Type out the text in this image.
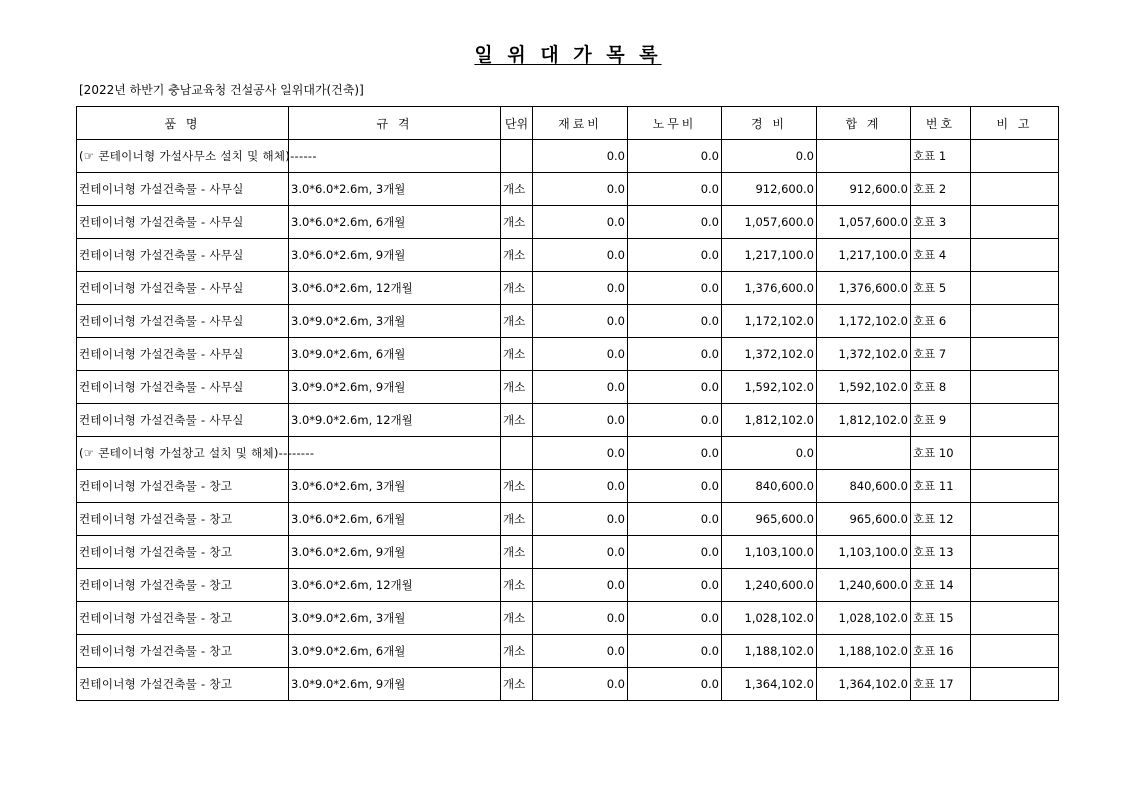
일 위 대 가 목 록
[2022년 하반기 충남교육청 건설공사 일위대가(건축)]
품 명	규 격	단위	재료비	노무비	경 비	합 계	번호	비 고
(☞ 콘테이너형 가설사무소 설치 및 해체)------			0.0	0.0	0.0		호표 1	
컨테이너형 가설건축물 - 사무실	3.0*6.0*2.6m, 3개월	개소	0.0	0.0	912,600.0	912,600.0	호표 2	
컨테이너형 가설건축물 - 사무실	3.0*6.0*2.6m, 6개월	개소	0.0	0.0	1,057,600.0	1,057,600.0	호표 3	
컨테이너형 가설건축물 - 사무실	3.0*6.0*2.6m, 9개월	개소	0.0	0.0	1,217,100.0	1,217,100.0	호표 4	
컨테이너형 가설건축물 - 사무실	3.0*6.0*2.6m, 12개월	개소	0.0	0.0	1,376,600.0	1,376,600.0	호표 5	
컨테이너형 가설건축물 - 사무실	3.0*9.0*2.6m, 3개월	개소	0.0	0.0	1,172,102.0	1,172,102.0	호표 6	
컨테이너형 가설건축물 - 사무실	3.0*9.0*2.6m, 6개월	개소	0.0	0.0	1,372,102.0	1,372,102.0	호표 7	
컨테이너형 가설건축물 - 사무실	3.0*9.0*2.6m, 9개월	개소	0.0	0.0	1,592,102.0	1,592,102.0	호표 8	
컨테이너형 가설건축물 - 사무실	3.0*9.0*2.6m, 12개월	개소	0.0	0.0	1,812,102.0	1,812,102.0	호표 9	
(☞ 콘테이너형 가설창고 설치 및 해체)--------			0.0	0.0	0.0		호표 10	
컨테이너형 가설건축물 - 창고	3.0*6.0*2.6m, 3개월	개소	0.0	0.0	840,600.0	840,600.0	호표 11	
컨테이너형 가설건축물 - 창고	3.0*6.0*2.6m, 6개월	개소	0.0	0.0	965,600.0	965,600.0	호표 12	
컨테이너형 가설건축물 - 창고	3.0*6.0*2.6m, 9개월	개소	0.0	0.0	1,103,100.0	1,103,100.0	호표 13	
컨테이너형 가설건축물 - 창고	3.0*6.0*2.6m, 12개월	개소	0.0	0.0	1,240,600.0	1,240,600.0	호표 14	
컨테이너형 가설건축물 - 창고	3.0*9.0*2.6m, 3개월	개소	0.0	0.0	1,028,102.0	1,028,102.0	호표 15	
컨테이너형 가설건축물 - 창고	3.0*9.0*2.6m, 6개월	개소	0.0	0.0	1,188,102.0	1,188,102.0	호표 16	
컨테이너형 가설건축물 - 창고	3.0*9.0*2.6m, 9개월	개소	0.0	0.0	1,364,102.0	1,364,102.0	호표 17	
